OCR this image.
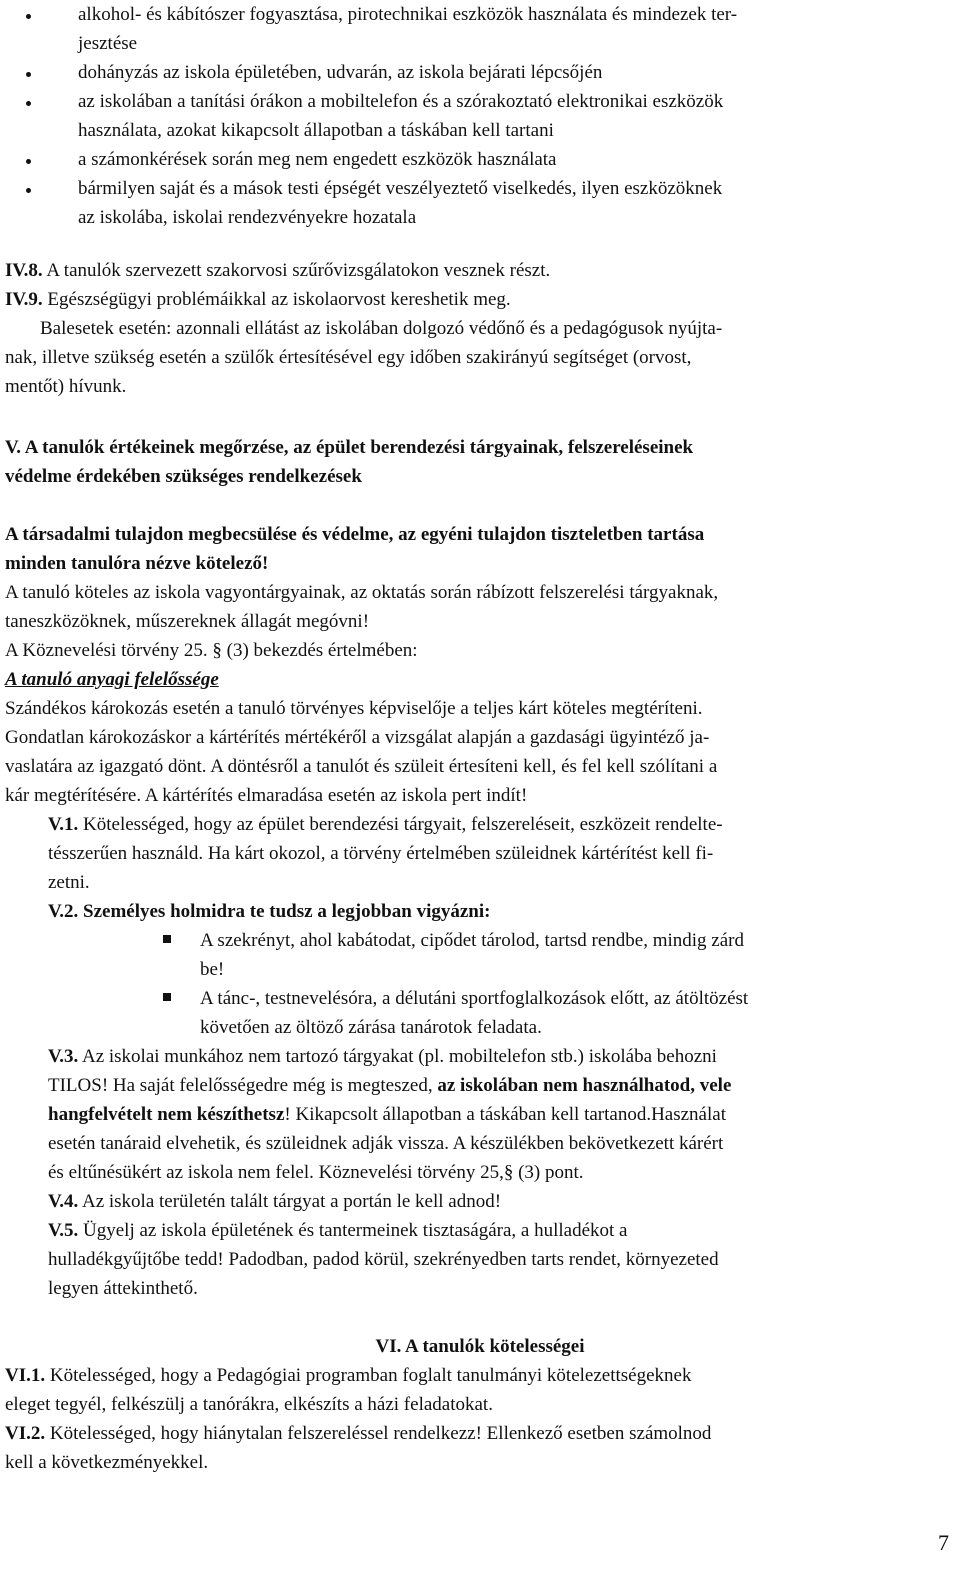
alkohol- és kábítószer fogyasztása, pirotechnikai eszközök használata és mindezek ter-
jesztése
dohányzás az iskola épületében, udvarán, az iskola bejárati lépcsőjén
az iskolában a tanítási órákon a mobiltelefon és a szórakoztató elektronikai eszközök
használata, azokat kikapcsolt állapotban a táskában kell tartani
a számonkérések során meg nem engedett eszközök használata
bármilyen saját és a mások testi épségét veszélyeztető viselkedés, ilyen eszközöknek
az iskolába, iskolai rendezvényekre hozatala
IV.8. A tanulók szervezett szakorvosi szűrővizsgálatokon vesznek részt.
IV.9. Egészségügyi problémáikkal az iskolaorvost kereshetik meg.
Balesetek esetén: azonnali ellátást az iskolában dolgozó védőnő és a pedagógusok nyújta-
nak, illetve szükség esetén a szülők értesítésével egy időben szakirányú segítséget (orvost,
mentőt) hívunk.
V. A tanulók értékeinek megőrzése, az épület berendezési tárgyainak, felszereléseinek
védelme érdekében szükséges rendelkezések
A társadalmi tulajdon megbecsülése és védelme, az egyéni tulajdon tiszteletben tartása
minden tanulóra nézve kötelező!
A tanuló köteles az iskola vagyontárgyainak, az oktatás során rábízott felszerelési tárgyaknak,
taneszközöknek, műszereknek állagát megóvni!
A Köznevelési törvény 25. § (3) bekezdés értelmében:
A tanuló anyagi felelőssége
Szándékos károkozás esetén a tanuló törvényes képviselője a teljes kárt köteles megtéríteni.
Gondatlan károkozáskor a kártérítés mértékéről a vizsgálat alapján a gazdasági ügyintéző ja-
vaslatára az igazgató dönt. A döntésről a tanulót és szüleit értesíteni kell, és fel kell szólítani a
kár megtérítésére. A kártérítés elmaradása esetén az iskola pert indít!
V.1. Kötelességed, hogy az épület berendezési tárgyait, felszereléseit, eszközeit rendelte-
tésszerűen használd. Ha kárt okozol, a törvény értelmében szüleidnek kártérítést kell fi-
zetni.
V.2. Személyes holmidra te tudsz a legjobban vigyázni:
A szekrényt, ahol kabátodat, cipődet tárolod, tartsd rendbe, mindig zárd
be!
A tánc-, testnevelésóra, a délutáni sportfoglalkozások előtt, az átöltözést
követően az öltöző zárása tanárotok feladata.
V.3. Az iskolai munkához nem tartozó tárgyakat (pl. mobiltelefon stb.) iskolába behozni
TILOS! Ha saját felelősségedre még is megteszed, az iskolában nem használhatod, vele
hangfelvételt nem készíthetsz! Kikapcsolt állapotban a táskában kell tartanod.Használat
esetén tanáraid elvehetik, és szüleidnek adják vissza. A készülékben bekövetkezett kárért
és eltűnésükért az iskola nem felel. Köznevelési törvény 25,§ (3) pont.
V.4. Az iskola területén talált tárgyat a portán le kell adnod!
V.5. Ügyelj az iskola épületének és tantermeinek tisztaságára, a hulladékot a
hulladékgyűjtőbe tedd! Padodban, padod körül, szekrényedben tarts rendet, környezeted
legyen áttekinthető.
VI. A tanulók kötelességei
VI.1. Kötelességed, hogy a Pedagógiai programban foglalt tanulmányi kötelezettségeknek
eleget tegyél, felkészülj a tanórákra, elkészíts a házi feladatokat.
VI.2. Kötelességed, hogy hiánytalan felszereléssel rendelkezz! Ellenkező esetben számolnod
kell a következményekkel.
7
